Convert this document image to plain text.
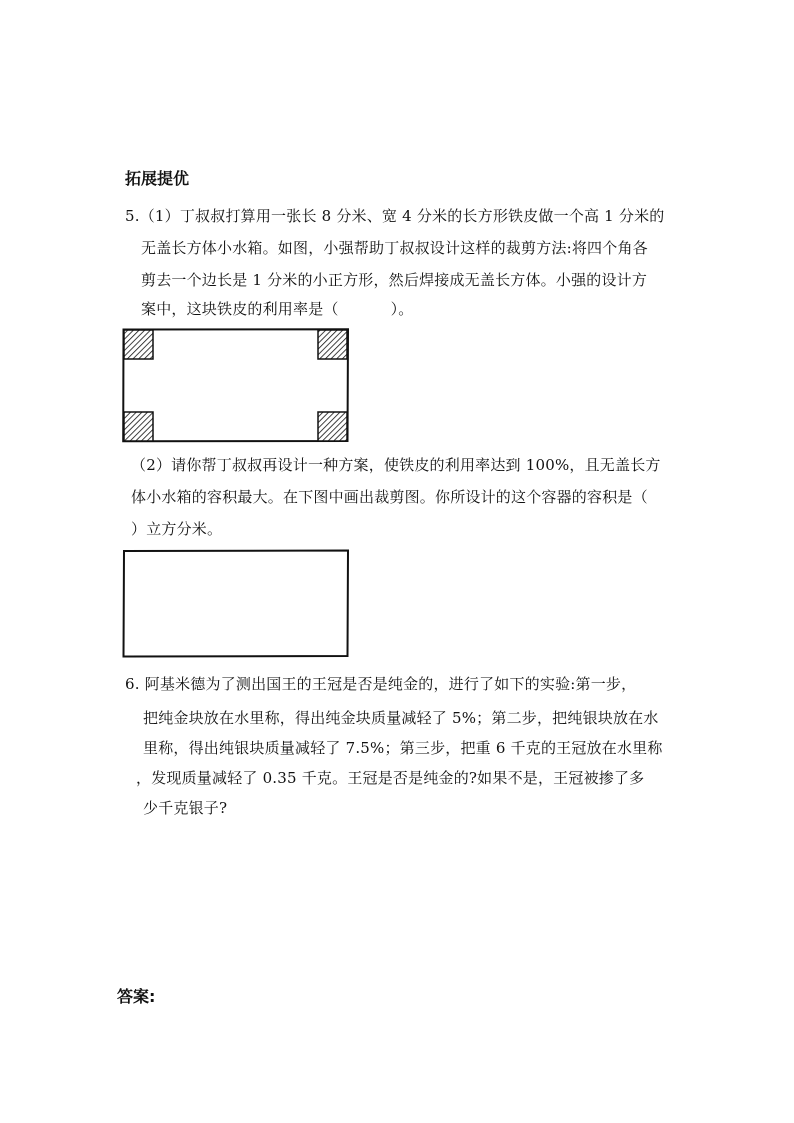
拓展提优
5.（1）丁叔叔打算用一张长 8 分米、宽 4 分米的长方形铁皮做一个高 1 分米的
无盖长方体小水箱。如图，小强帮助丁叔叔设计这样的裁剪方法:将四个角各
剪去一个边长是 1 分米的小正方形，然后焊接成无盖长方体。小强的设计方
案中，这块铁皮的利用率是（	）。
（2）请你帮丁叔叔再设计一种方案，使铁皮的利用率达到 100%，且无盖长方
体小水箱的容积最大。在下图中画出裁剪图。你所设计的这个容器的容积是（
）立方分米。
6. 阿基米德为了测出国王的王冠是否是纯金的，进行了如下的实验:第一步，
把纯金块放在水里称，得出纯金块质量减轻了 5%；第二步，把纯银块放在水
里称，得出纯银块质量减轻了 7.5%；第三步，把重 6 千克的王冠放在水里称
，发现质量减轻了 0.35 千克。王冠是否是纯金的?如果不是，王冠被掺了多
少千克银子?
答案:
